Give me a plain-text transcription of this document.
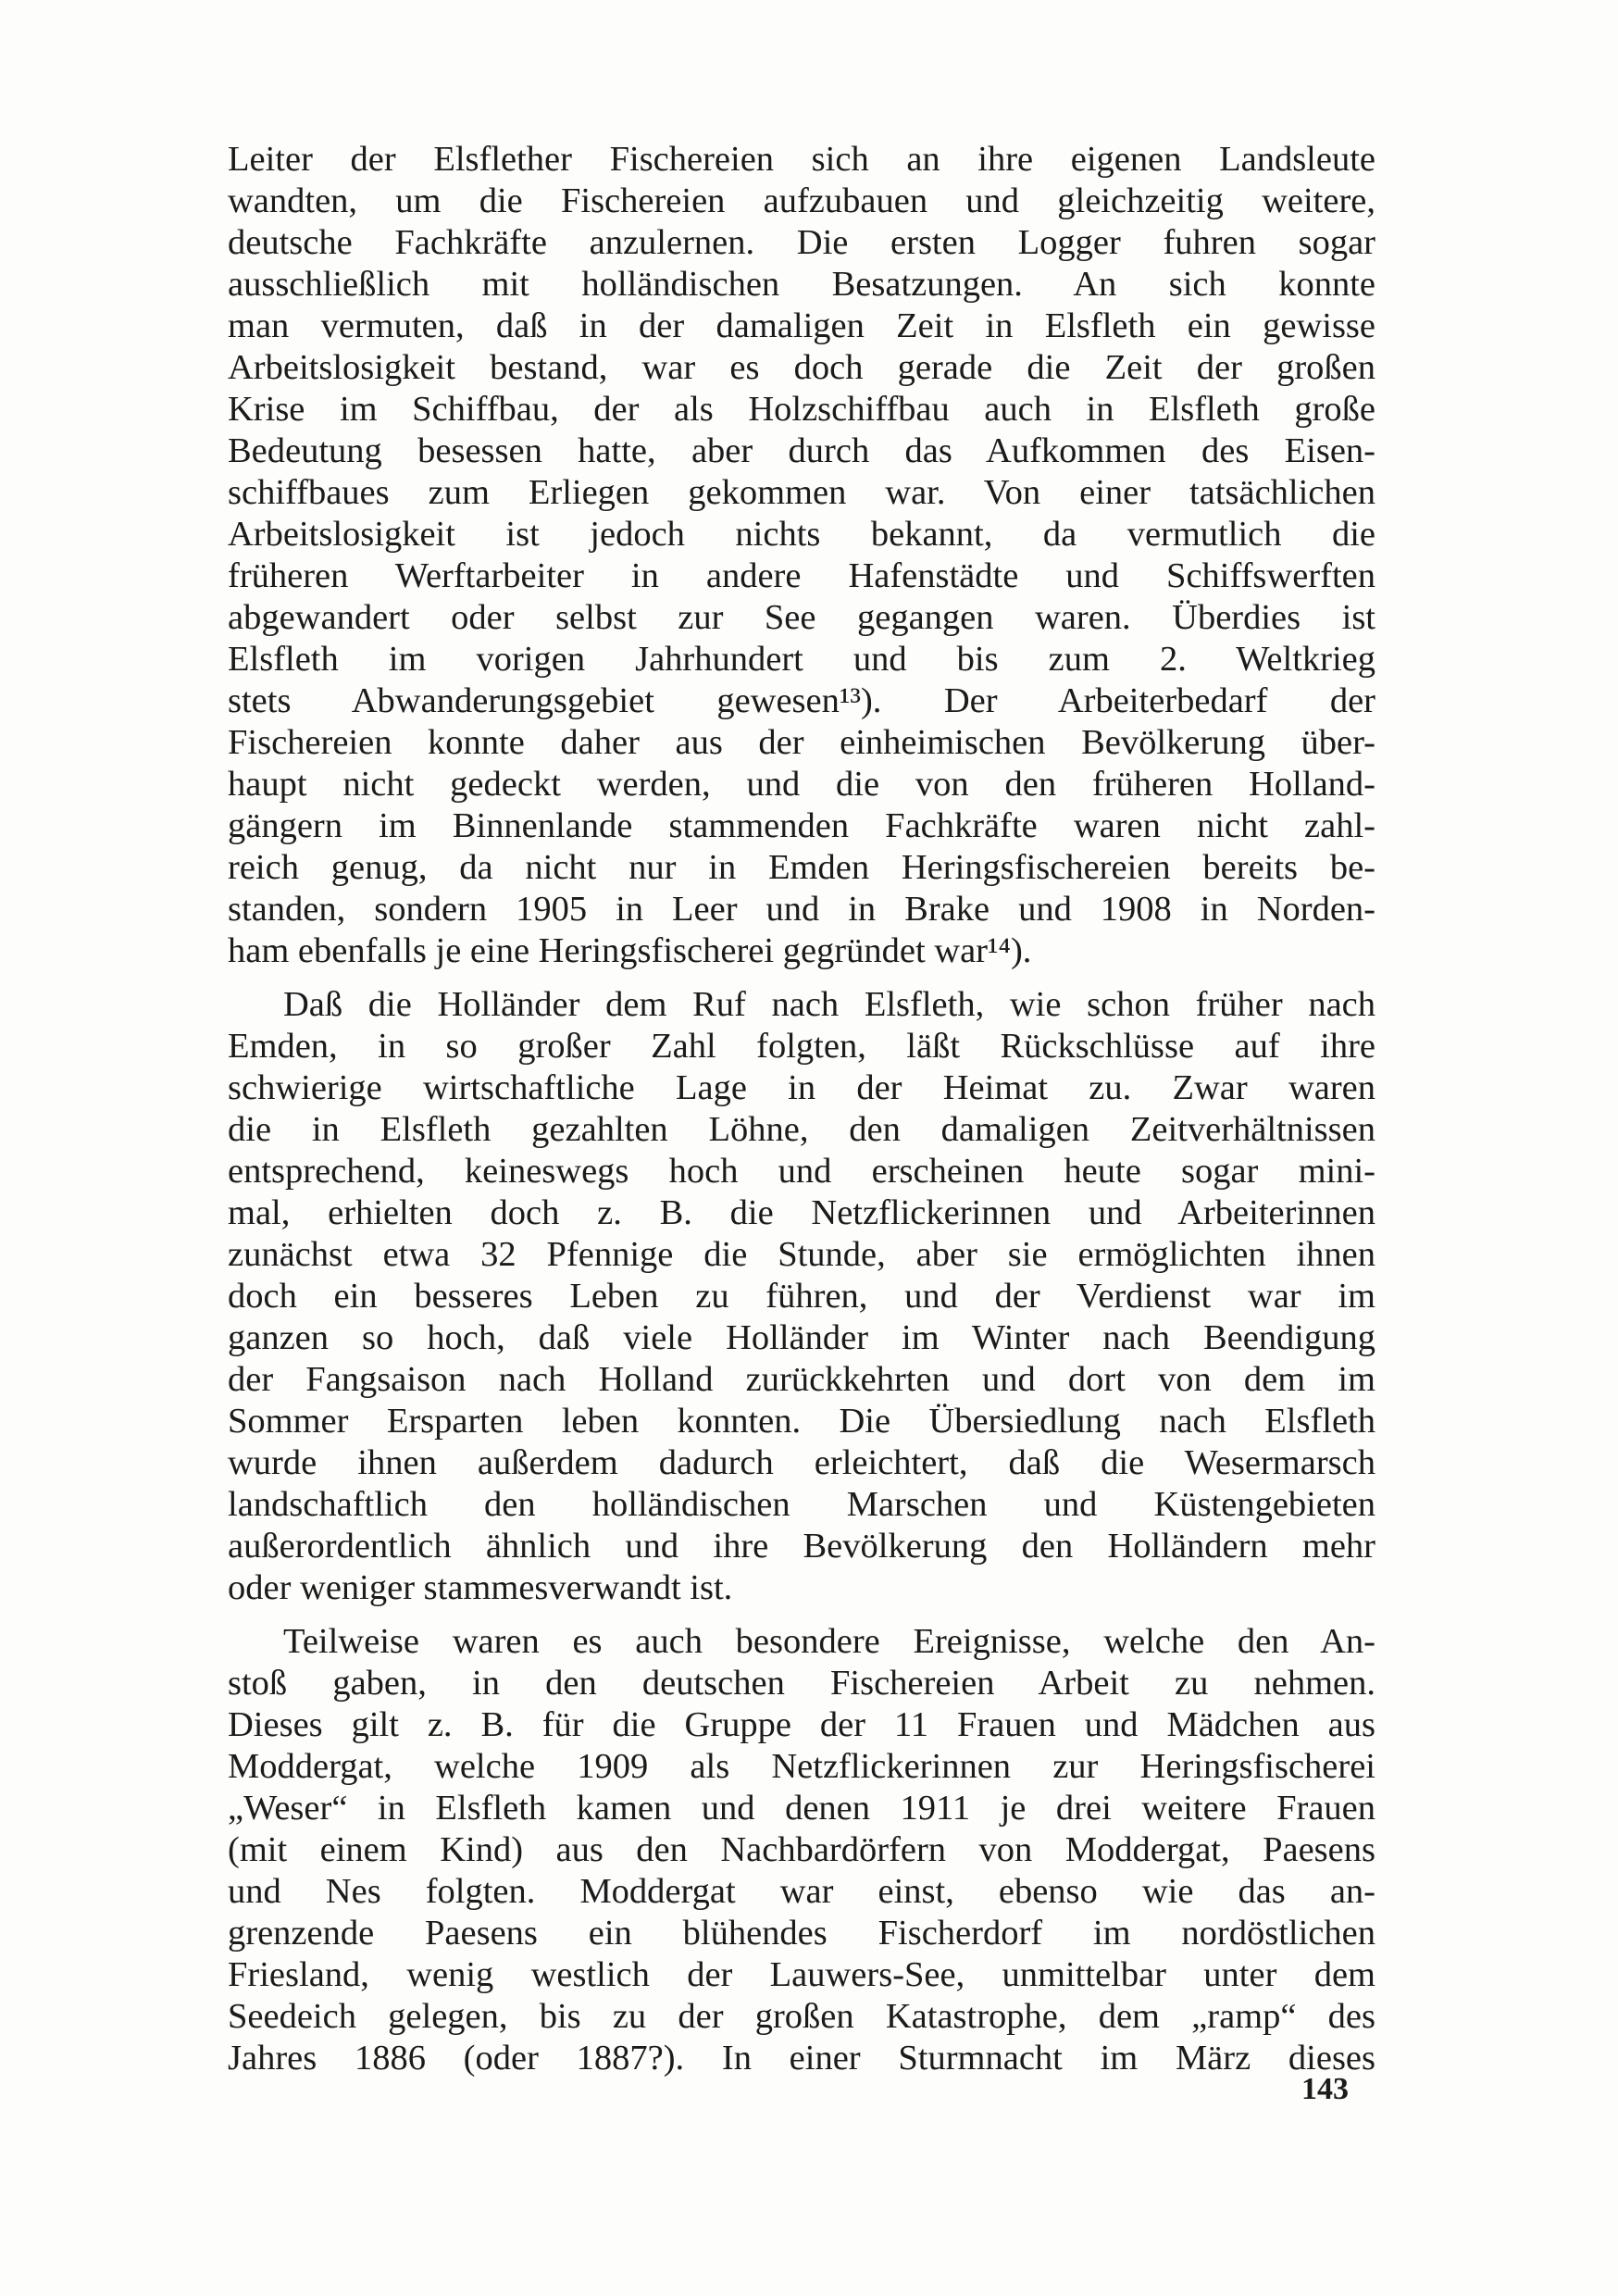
Leiter der Elsflether Fischereien sich an ihre eigenen Landsleute
wandten, um die Fischereien aufzubauen und gleichzeitig weitere,
deutsche Fachkräfte anzulernen. Die ersten Logger fuhren sogar
ausschließlich mit holländischen Besatzungen. An sich konnte
man vermuten, daß in der damaligen Zeit in Elsfleth ein gewisse
Arbeitslosigkeit bestand, war es doch gerade die Zeit der großen
Krise im Schiffbau, der als Holzschiffbau auch in Elsfleth große
Bedeutung besessen hatte, aber durch das Aufkommen des Eisen-
schiffbaues zum Erliegen gekommen war. Von einer tatsächlichen
Arbeitslosigkeit ist jedoch nichts bekannt, da vermutlich die
früheren Werftarbeiter in andere Hafenstädte und Schiffswerften
abgewandert oder selbst zur See gegangen waren. Überdies ist
Elsfleth im vorigen Jahrhundert und bis zum 2. Weltkrieg
stets Abwanderungsgebiet gewesen¹³). Der Arbeiterbedarf der
Fischereien konnte daher aus der einheimischen Bevölkerung über-
haupt nicht gedeckt werden, und die von den früheren Holland-
gängern im Binnenlande stammenden Fachkräfte waren nicht zahl-
reich genug, da nicht nur in Emden Heringsfischereien bereits be-
standen, sondern 1905 in Leer und in Brake und 1908 in Norden-
ham ebenfalls je eine Heringsfischerei gegründet war¹⁴).
Daß die Holländer dem Ruf nach Elsfleth, wie schon früher nach
Emden, in so großer Zahl folgten, läßt Rückschlüsse auf ihre
schwierige wirtschaftliche Lage in der Heimat zu. Zwar waren
die in Elsfleth gezahlten Löhne, den damaligen Zeitverhältnissen
entsprechend, keineswegs hoch und erscheinen heute sogar mini-
mal, erhielten doch z. B. die Netzflickerinnen und Arbeiterinnen
zunächst etwa 32 Pfennige die Stunde, aber sie ermöglichten ihnen
doch ein besseres Leben zu führen, und der Verdienst war im
ganzen so hoch, daß viele Holländer im Winter nach Beendigung
der Fangsaison nach Holland zurückkehrten und dort von dem im
Sommer Ersparten leben konnten. Die Übersiedlung nach Elsfleth
wurde ihnen außerdem dadurch erleichtert, daß die Wesermarsch
landschaftlich den holländischen Marschen und Küstengebieten
außerordentlich ähnlich und ihre Bevölkerung den Holländern mehr
oder weniger stammesverwandt ist.
Teilweise waren es auch besondere Ereignisse, welche den An-
stoß gaben, in den deutschen Fischereien Arbeit zu nehmen.
Dieses gilt z. B. für die Gruppe der 11 Frauen und Mädchen aus
Moddergat, welche 1909 als Netzflickerinnen zur Heringsfischerei
„Weser“ in Elsfleth kamen und denen 1911 je drei weitere Frauen
(mit einem Kind) aus den Nachbardörfern von Moddergat, Paesens
und Nes folgten. Moddergat war einst, ebenso wie das an-
grenzende Paesens ein blühendes Fischerdorf im nordöstlichen
Friesland, wenig westlich der Lauwers-See, unmittelbar unter dem
Seedeich gelegen, bis zu der großen Katastrophe, dem „ramp“ des
Jahres 1886 (oder 1887?). In einer Sturmnacht im März dieses
143
